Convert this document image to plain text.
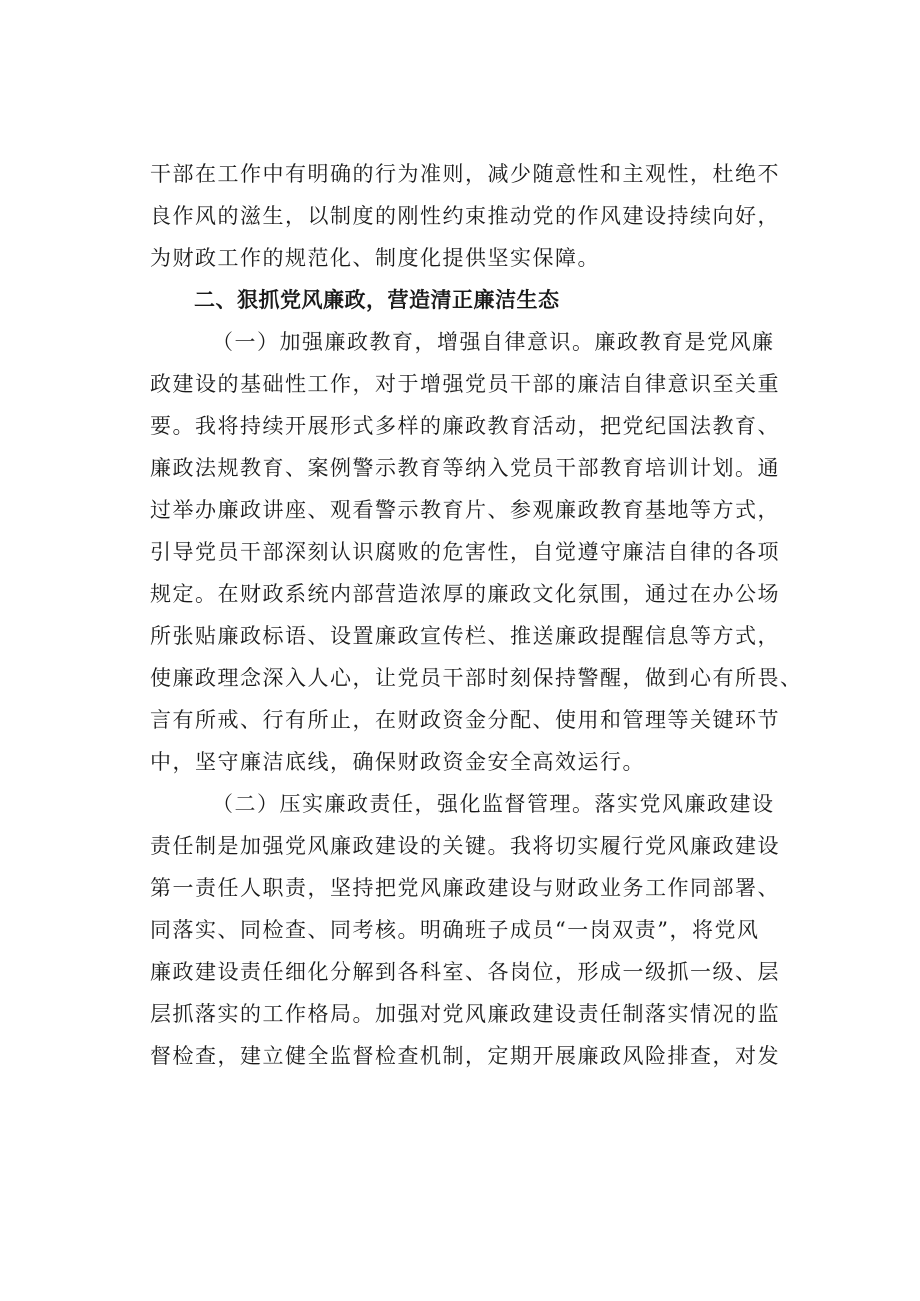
干部在工作中有明确的行为准则，减少随意性和主观性，杜绝不
良作风的滋生，以制度的刚性约束推动党的作风建设持续向好，
为财政工作的规范化、制度化提供坚实保障。
二、狠抓党风廉政，营造清正廉洁生态
（一）加强廉政教育，增强自律意识。廉政教育是党风廉
政建设的基础性工作，对于增强党员干部的廉洁自律意识至关重
要。我将持续开展形式多样的廉政教育活动，把党纪国法教育、
廉政法规教育、案例警示教育等纳入党员干部教育培训计划。通
过举办廉政讲座、观看警示教育片、参观廉政教育基地等方式，
引导党员干部深刻认识腐败的危害性，自觉遵守廉洁自律的各项
规定。在财政系统内部营造浓厚的廉政文化氛围，通过在办公场
所张贴廉政标语、设置廉政宣传栏、推送廉政提醒信息等方式，
使廉政理念深入人心，让党员干部时刻保持警醒，做到心有所畏、
言有所戒、行有所止，在财政资金分配、使用和管理等关键环节
中，坚守廉洁底线，确保财政资金安全高效运行。
（二）压实廉政责任，强化监督管理。落实党风廉政建设
责任制是加强党风廉政建设的关键。我将切实履行党风廉政建设
第一责任人职责，坚持把党风廉政建设与财政业务工作同部署、
同落实、同检查、同考核。明确班子成员“一岗双责”，将党风
廉政建设责任细化分解到各科室、各岗位，形成一级抓一级、层
层抓落实的工作格局。加强对党风廉政建设责任制落实情况的监
督检查，建立健全监督检查机制，定期开展廉政风险排查，对发
